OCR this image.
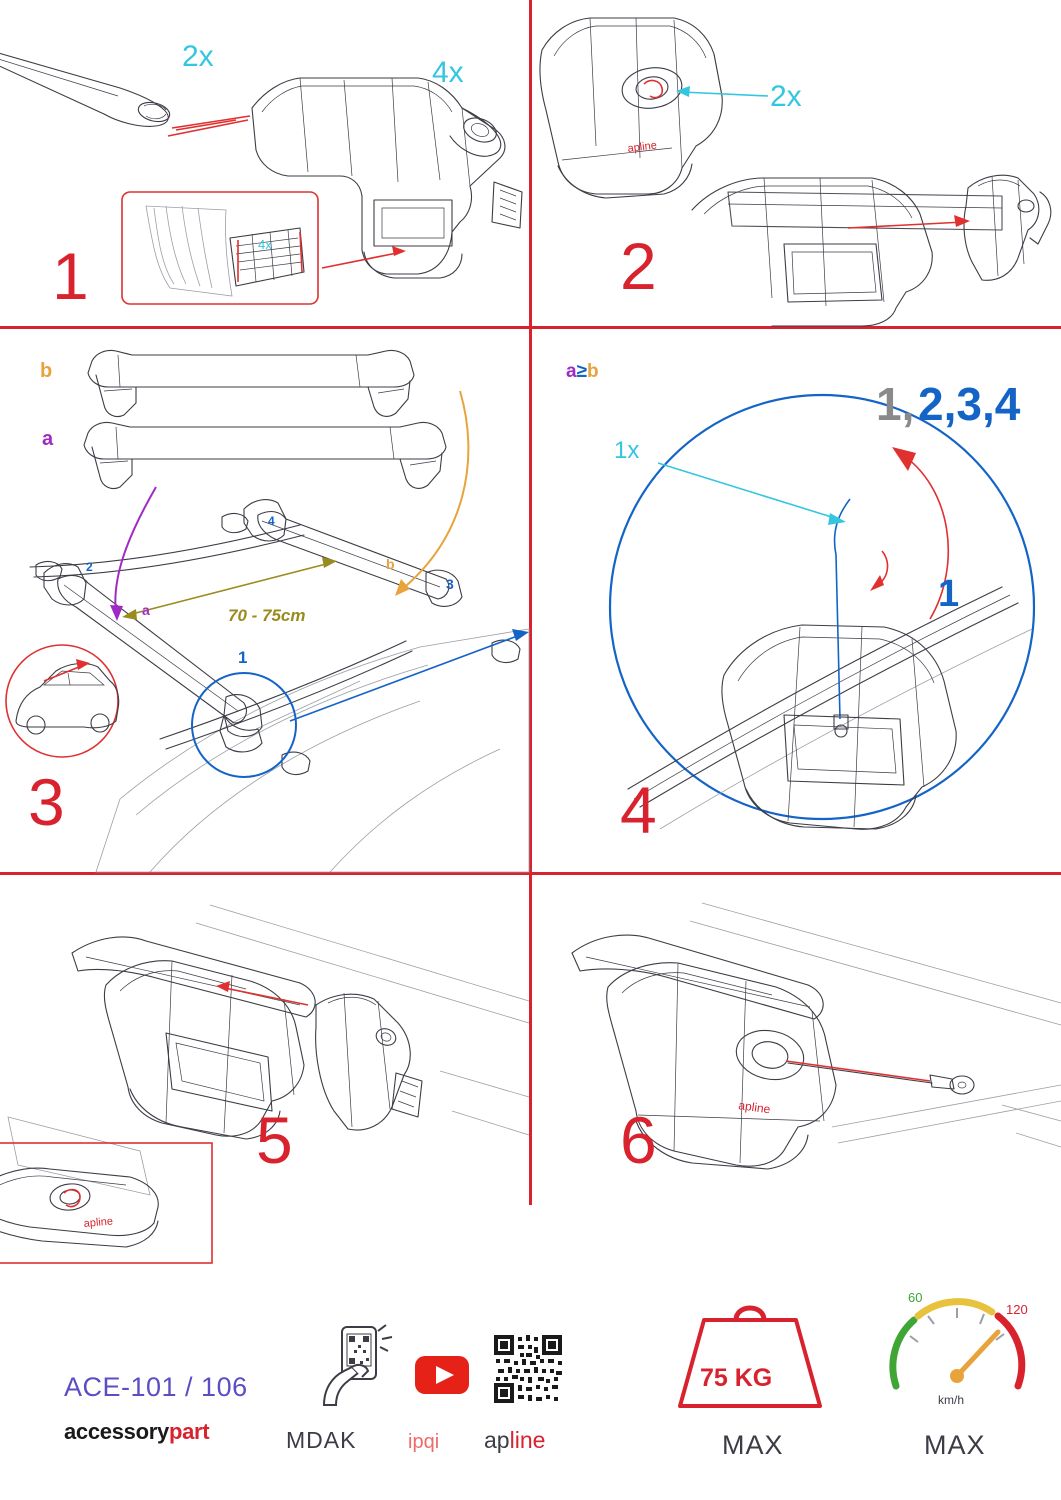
2x	4x
4x
1
apline
2x
2
b
a
a
b
70 - 75cm
1
2
3
4
3
1x
1, 2,3,4
1
4
apline
5	apline
6
ACE-101 / 106
accessorypart	MDAK	ipqi apline
75 KG
MAX
60
120
km/h
MAX
a≥b
